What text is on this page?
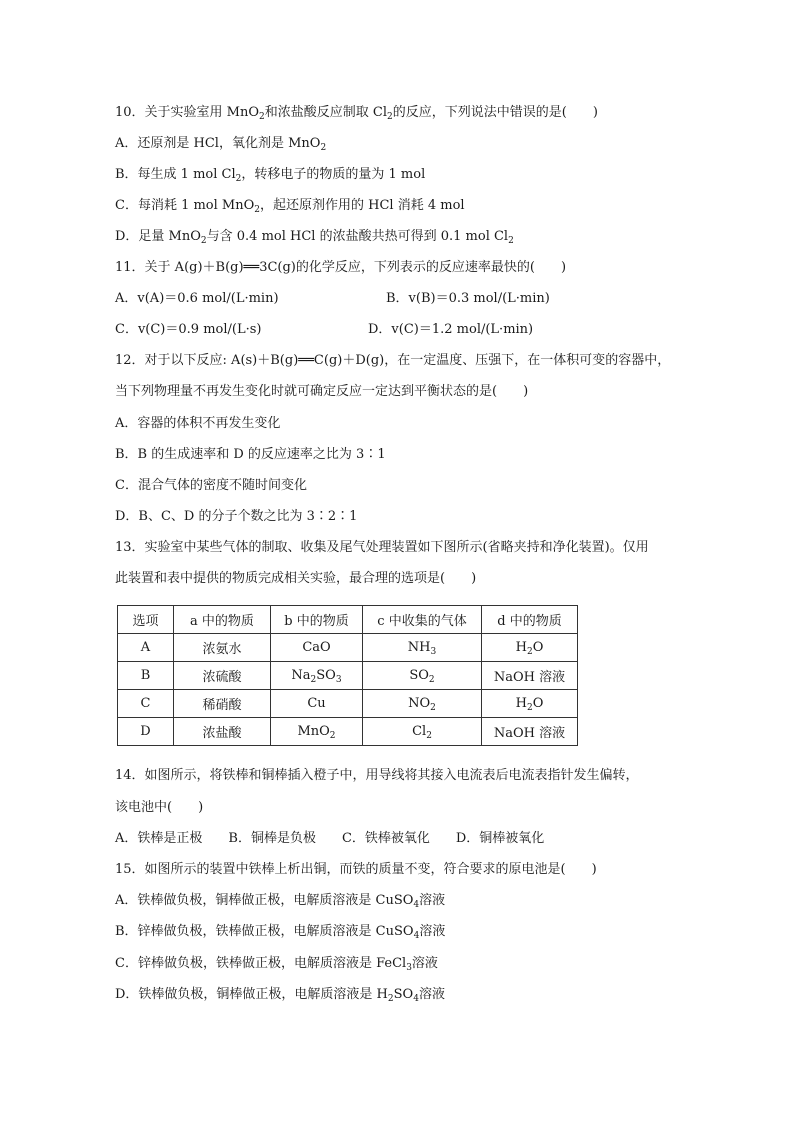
10．关于实验室用 MnO$_2$和浓盐酸反应制取 $Cl_2$的反应，下列说法中错误的是(　　)
A．还原剂是 HCl，氧化剂是 MnO$_2$
B．每生成 1 mol $Cl_2$，转移电子的物质的量为 1 mol
C．每消耗 1 mol MnO$_2$，起还原剂作用的 HCl 消耗 4 mol
D．足量 MnO$_2$与含 0.4 mol HCl 的浓盐酸共热可得到 0.1 mol $Cl_2$
11．关于 A(g)＋B(g)══3C(g)的化学反应，下列表示的反应速率最快的(　　)
A．v(A)＝0.6 mol/(L·min)	B．v(B)＝0.3 mol/(L·min)
C．v(C)＝0.9 mol/(L·s)	D．v(C)＝1.2 mol/(L·min)
12．对于以下反应: A(s)＋B(g)══C(g)＋D(g)，在一定温度、压强下，在一体积可变的容器中，
当下列物理量不再发生变化时就可确定反应一定达到平衡状态的是(　　)
A．容器的体积不再发生变化
B．B 的生成速率和 D 的反应速率之比为 3∶1
C．混合气体的密度不随时间变化
D．B、C、D 的分子个数之比为 3∶2∶1
13．实验室中某些气体的制取、收集及尾气处理装置如下图所示(省略夹持和净化装置)。仅用
此装置和表中提供的物质完成相关实验，最合理的选项是(　　)
选项	a 中的物质	b 中的物质	c 中收集的气体	d 中的物质
A	浓氨水	CaO	$NH_3$	$H_2O$
B	浓硫酸	$Na_2SO_3$	$SO_2$	NaOH 溶液
C	稀硝酸	Cu	$NO_2$	$H_2O$
D	浓盐酸	MnO$_2$	$Cl_2$	NaOH 溶液
14．如图所示，将铁棒和铜棒插入橙子中，用导线将其接入电流表后电流表指针发生偏转，
该电池中(　　)
A．铁棒是正极　　B．铜棒是负极　　C．铁棒被氧化　　D．铜棒被氧化
15．如图所示的装置中铁棒上析出铜，而铁的质量不变，符合要求的原电池是(　　)
A．铁棒做负极，铜棒做正极，电解质溶液是 CuSO$_4$溶液
B．锌棒做负极，铁棒做正极，电解质溶液是 CuSO$_4$溶液
C．锌棒做负极，铁棒做正极，电解质溶液是 FeCl$_3$溶液
D．铁棒做负极，铜棒做正极，电解质溶液是 $H_2SO_4$溶液
